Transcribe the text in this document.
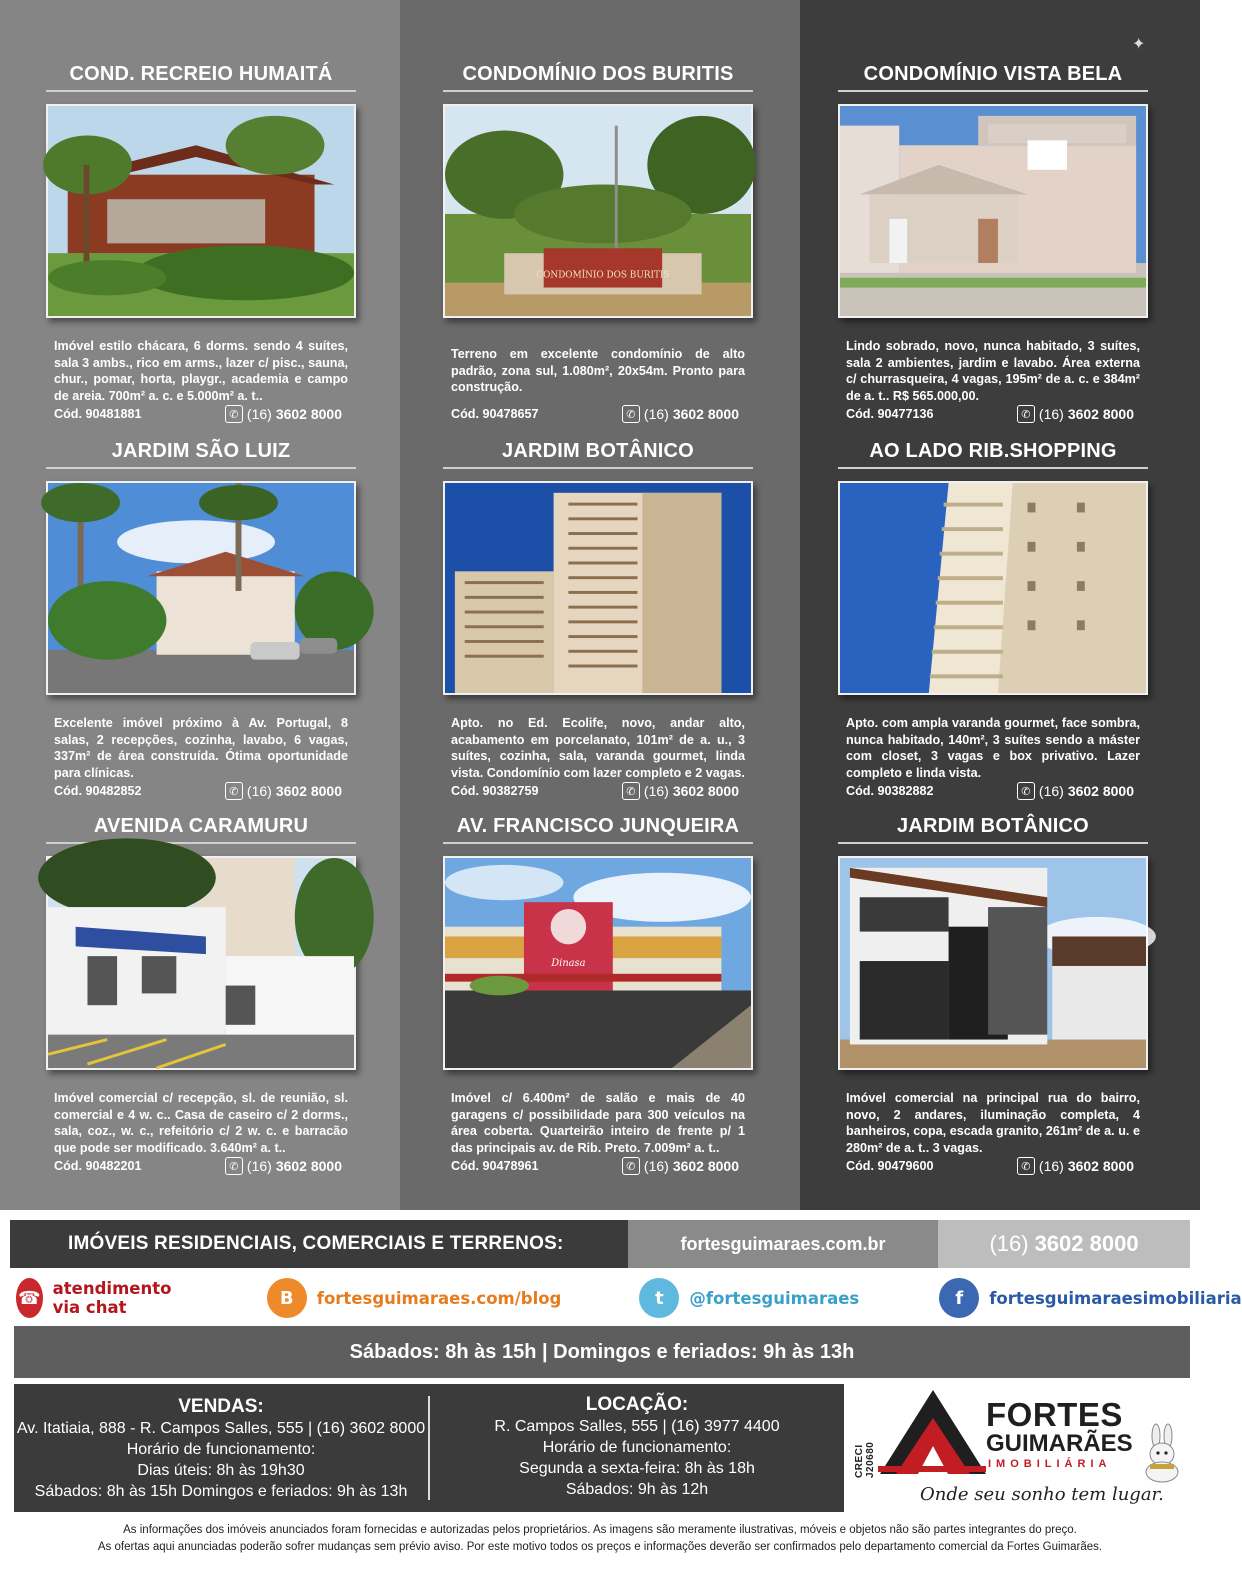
✦
COND. RECREIO HUMAITÁ
Imóvel estilo chácara, 6 dorms. sendo 4 suítes, sala 3 ambs., rico em arms., lazer c/ pisc., sauna, chur., pomar, horta, playgr., academia e campo de areia. 700m² a. c. e 5.000m² a. t..
Cód. 90481881	✆ (16) 3602 8000
CONDOMÍNIO DOS BURITIS
CONDOMÍNIO DOS BURITIS
Terreno em excelente condomínio de alto padrão, zona sul, 1.080m², 20x54m. Pronto para construção.
Cód. 90478657	✆ (16) 3602 8000
CONDOMÍNIO VISTA BELA
Lindo sobrado, novo, nunca habitado, 3 suítes, sala 2 ambientes, jardim e lavabo. Área externa c/ churrasqueira, 4 vagas, 195m² de a. c. e 384m² de a. t.. R$ 565.000,00.
Cód. 90477136	✆ (16) 3602 8000
JARDIM SÃO LUIZ
Excelente imóvel próximo à Av. Portugal, 8 salas, 2 recepções, cozinha, lavabo, 6 vagas, 337m² de área construída. Ótima oportunidade para clínicas.
Cód. 90482852	✆ (16) 3602 8000
JARDIM BOTÂNICO
Apto. no Ed. Ecolife, novo, andar alto, acabamento em porcelanato, 101m² de a. u., 3 suítes, cozinha, sala, varanda gourmet, linda vista. Condomínio com lazer completo e 2 vagas.
Cód. 90382759	✆ (16) 3602 8000
AO LADO RIB.SHOPPING
Apto. com ampla varanda gourmet, face sombra, nunca habitado, 140m², 3 suítes sendo a máster com closet, 3 vagas e box privativo. Lazer completo e linda vista.
Cód. 90382882	✆ (16) 3602 8000
AVENIDA CARAMURU
Imóvel comercial c/ recepção, sl. de reunião, sl. comercial e 4 w. c.. Casa de caseiro c/ 2 dorms., sala, coz., w. c., refeitório c/ 2 w. c. e barracão que pode ser modificado. 3.640m² a. t..
Cód. 90482201	✆ (16) 3602 8000
AV. FRANCISCO JUNQUEIRA
Dinasa
Imóvel c/ 6.400m² de salão e mais de 40 garagens c/ possibilidade para 300 veículos na área coberta. Quarteirão inteiro de frente p/ 1 das principais av. de Rib. Preto. 7.009m² a. t..
Cód. 90478961	✆ (16) 3602 8000
JARDIM BOTÂNICO
Imóvel comercial na principal rua do bairro, novo, 2 andares, iluminação completa, 4 banheiros, copa, escada granito, 261m² de a. u. e 280m² de a. t.. 3 vagas.
Cód. 90479600	✆ (16) 3602 8000
IMÓVEIS RESIDENCIAIS, COMERCIAIS E TERRENOS:	fortesguimaraes.com.br	(16) 3602 8000
☎ atendimento via chat	B	fortesguimaraes.com/blog	t	@fortesguimaraes	f	fortesguimaraesimobiliaria
Sábados: 8h às 15h | Domingos e feriados: 9h às 13h
VENDAS:
Av. Itatiaia, 888 - R. Campos Salles, 555 | (16) 3602 8000
Horário de funcionamento:
Dias úteis: 8h às 19h30
Sábados: 8h às 15h Domingos e feriados: 9h às 13h
LOCAÇÃO:
R. Campos Salles, 555 | (16) 3977 4400
Horário de funcionamento:
Segunda a sexta-feira: 8h às 18h
Sábados: 9h às 12h
CRECI J20680
FORTES
GUIMARÃES
IMOBILIÁRIA
Onde seu sonho tem lugar.
As informações dos imóveis anunciados foram fornecidas e autorizadas pelos proprietários. As imagens são meramente ilustrativas, móveis e objetos não são partes integrantes do preço.
As ofertas aqui anunciadas poderão sofrer mudanças sem prévio aviso. Por este motivo todos os preços e informações deverão ser confirmados pelo departamento comercial da Fortes Guimarães.
